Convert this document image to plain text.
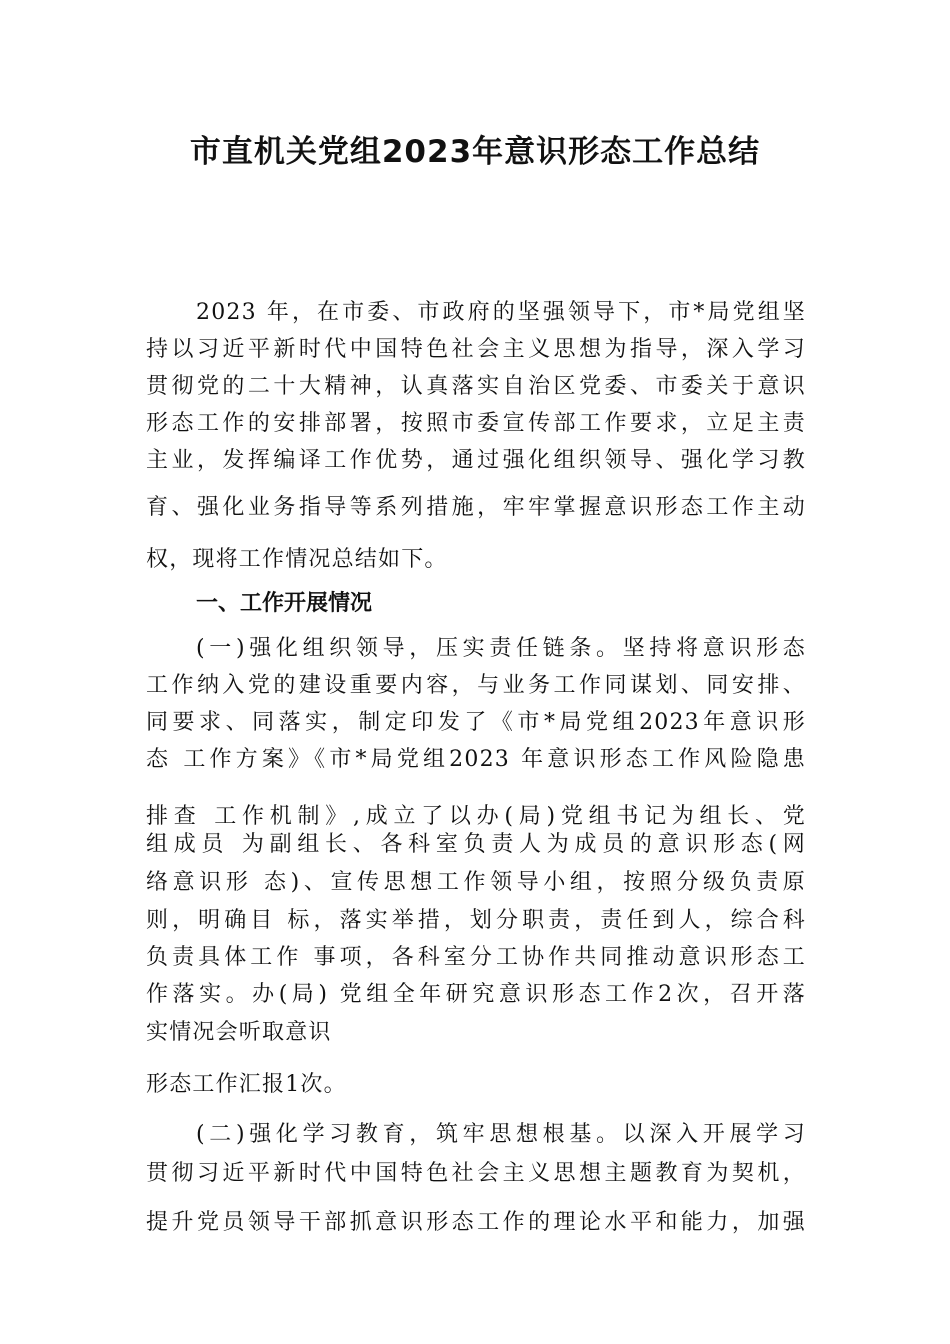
市直机关党组2023年意识形态工作总结
2023 年，在市委、市政府的坚强领导下，市*局党组坚
持以习近平新时代中国特色社会主义思想为指导，深入学习
贯彻党的二十大精神，认真落实自治区党委、市委关于意识
形态工作的安排部署，按照市委宣传部工作要求，立足主责
主业，发挥编译工作优势，通过强化组织领导、强化学习教
育、强化业务指导等系列措施，牢牢掌握意识形态工作主动
权，现将工作情况总结如下。
一、工作开展情况
(一)强化组织领导，压实责任链条。坚持将意识形态
工作纳入党的建设重要内容，与业务工作同谋划、同安排、
同要求、同落实，制定印发了《市*局党组2023年意识形
态 工作方案》《市*局党组2023 年意识形态工作风险隐患
排查 工作机制》,成立了以办(局)党组书记为组长、党
组成员 为副组长、各科室负责人为成员的意识形态(网
络意识形 态)、宣传思想工作领导小组，按照分级负责原
则，明确目 标，落实举措，划分职责，责任到人，综合科
负责具体工作 事项，各科室分工协作共同推动意识形态工
作落实。办(局) 党组全年研究意识形态工作2次，召开落
实情况会听取意识
形态工作汇报1次。
(二)强化学习教育，筑牢思想根基。以深入开展学习
贯彻习近平新时代中国特色社会主义思想主题教育为契机，
提升党员领导干部抓意识形态工作的理论水平和能力，加强
